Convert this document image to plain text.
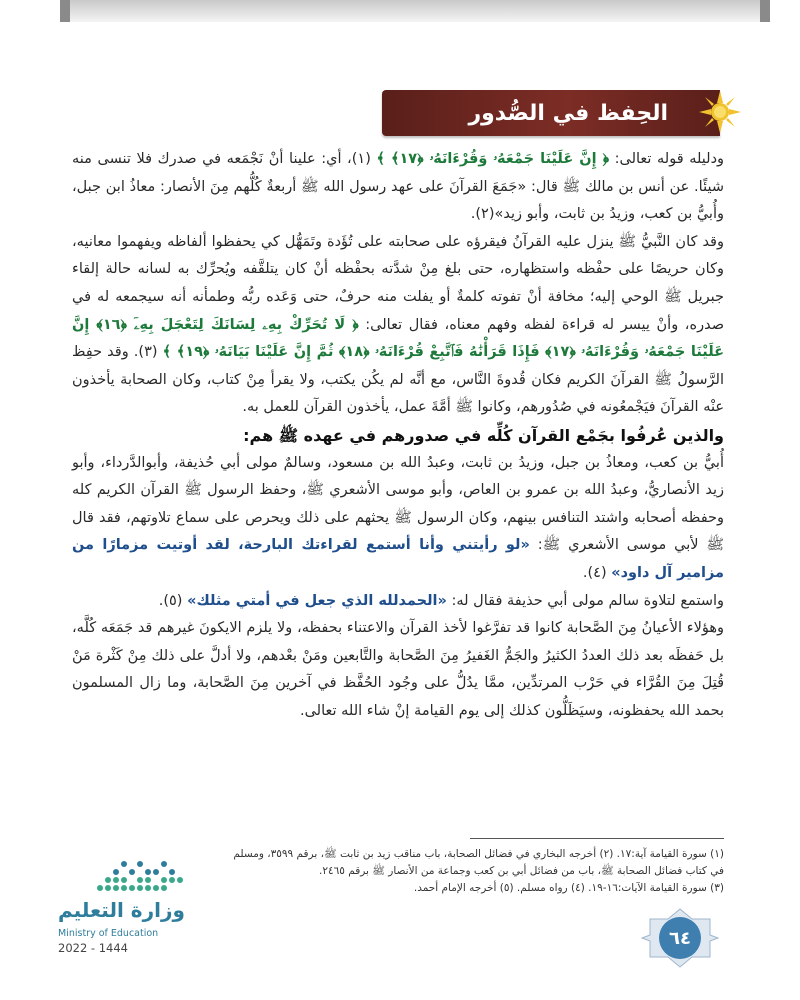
الحِفظ في الصُّدور

ودليله قوله تعالى: ﴿ إِنَّ عَلَيْنَا جَمْعَهُۥ وَقُرْءَانَهُۥ ﴿١٧﴾ ﴾ (١)، أي: علينا أنْ نَجْمَعه في صدرك فلا تنسى منه شيئًا. عن أنس بن مالك ﷺ قال: «جَمَعَ القرآنَ على عهد رسول الله ﷺ أربعةٌ كُلُّهم مِنَ الأنصار: معاذُ ابن جبل، وأُبيُّ بن كعب، وزيدُ بن ثابت، وأبو زيد»(٢).

وقد كان النَّبيُّ ﷺ ينزل عليه القرآنُ فيقرؤه على صحابته على تُؤَدة وتَمَهُّل كي يحفظوا ألفاظه ويفهموا معانيه، وكان حريصًا على حفْظه واستظهاره، حتى بلغ مِنْ شدَّته بحفْظه أنْ كان يتلقَّفه ويُحرِّك به لسانه حالة إلقاء جبريل ﷺ الوحي إليه؛ مخافة أنْ تفوته كلمةٌ أو يفلت منه حرفٌ، حتى وَعَده ربُّه وطمأنه أنه سيجمعه له في صدره، وأنْ ييسر له قراءة لفظه وفهم معناه، فقال تعالى: ﴿ لَا تُحَرِّكْ بِهِۦ لِسَانَكَ لِتَعْجَلَ بِهِۦٓ ﴿١٦﴾ إِنَّ عَلَيْنَا جَمْعَهُۥ وَقُرْءَانَهُۥ ﴿١٧﴾ فَإِذَا قَرَأْنَٰهُ فَٱتَّبِعْ قُرْءَانَهُۥ ﴿١٨﴾ ثُمَّ إِنَّ عَلَيْنَا بَيَانَهُۥ ﴿١٩﴾ ﴾ (٣). وقد حفِظ الرَّسولُ ﷺ القرآنَ الكريم فكان قُدوةَ النَّاس، مع أنَّه لم يكُن يكتب، ولا يقرأ مِنْ كتاب، وكان الصحابة يأخذون عنْه القرآنَ فيَجْمعُونه في صُدُورهم، وكانوا ﷺ أمَّةَ عمل، يأخذون القرآن للعمل به.

والذين عُرفُوا بجَمْع القرآن كُلِّه في صدورهم في عهده ﷺ هم:

أُبيُّ بن كعب، ومعاذُ بن جبل، وزيدُ بن ثابت، وعبدُ الله بن مسعود، وسالمٌ مولى أبي حُذيفة، وأبوالدَّرداء، وأبو زيد الأنصاريُّ، وعبدُ الله بن عمرو بن العاص، وأبو موسى الأشعري ﷺ، وحفظ الرسول ﷺ القرآن الكريم كله وحفظه أصحابه واشتد التنافس بينهم، وكان الرسول ﷺ يحثهم على ذلك ويحرص على سماع تلاوتهم، فقد قال ﷺ لأبي موسى الأشعري ﷺ: «لو رأيتني وأنا أستمع لقراءتك البارحة، لقد أوتيت مزمارًا من مزامير آل داود» (٤).

واستمع لتلاوة سالم مولى أبي حذيفة فقال له: «الحمدلله الذي جعل في أمتي مثلك» (٥).

وهؤلاء الأعيانُ مِنَ الصَّحابة كانوا قد تفرَّغوا لأخذ القرآن والاعتناء بحفظه، ولا يلزم الايكونَ غيرهم قد جَمَعَه كُلَّه، بل حَفظَه بعد ذلك العددُ الكثيرُ والجَمُّ الغَفيرُ مِنَ الصَّحابة والتَّابعين ومَنْ بعْدهم، ولا أدلَّ على ذلك مِنْ كَثْرة مَنْ قُتِلَ مِنَ القُرَّاء في حَرْب المرتدِّين، ممَّا يدُلُّ على وجُود الحُفَّظ في آخرين مِنَ الصَّحابة، وما زال المسلمون بحمد الله يحفظونه، وسيَظَلُّون كذلك إلى يوم القيامة إنْ شاء الله تعالى.

(١) سورة القيامة آية:١٧. (٢) أخرجه البخاري في فضائل الصحابة، باب مناقب زيد بن ثابت ﷺ، برقم ٣٥٩٩، ومسلم
في كتاب فضائل الصحابة ﷺ، باب من فضائل أبي بن كعب وجماعة من الأنصار ﷺ برقم ٢٤٦٥.
(٣) سورة القيامة الآيات:١٦-١٩. (٤) رواه مسلم. (٥) أخرجه الإمام أحمد.
وزارة التعليم
Ministry of Education
2022 - 1444	٦٤
